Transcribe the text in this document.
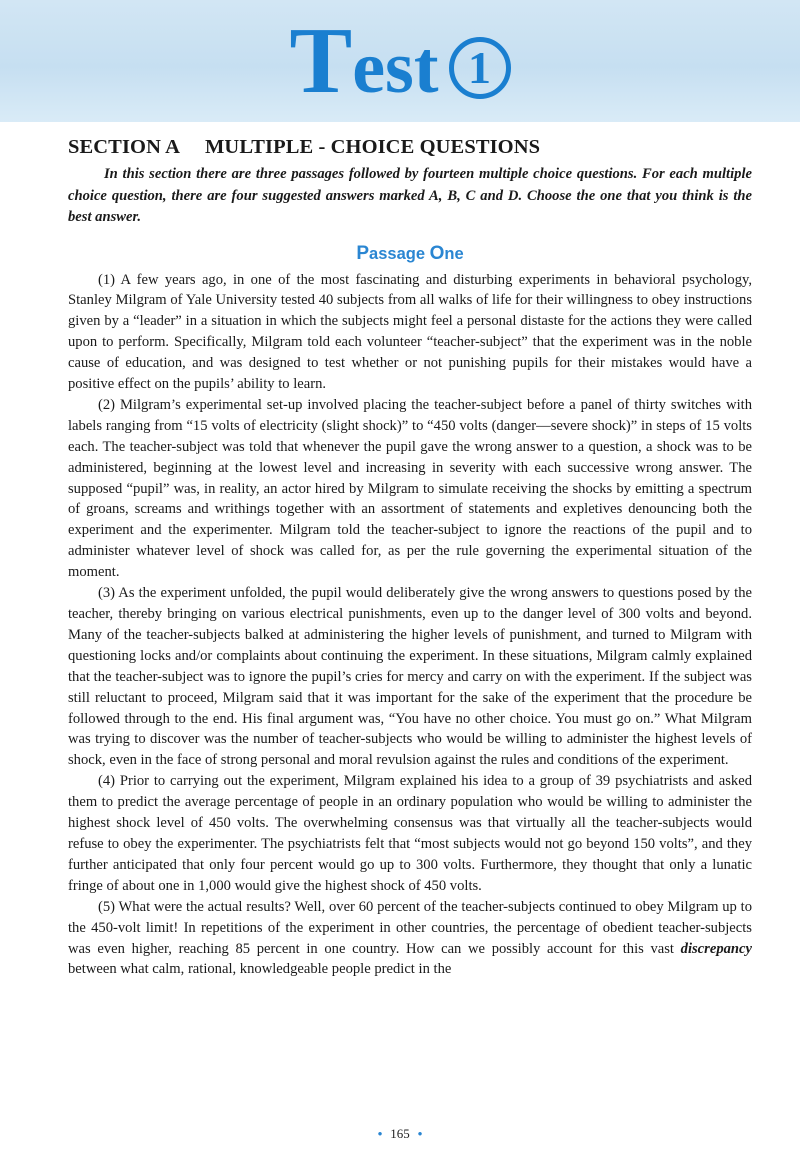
Test 1
SECTION A     MULTIPLE - CHOICE QUESTIONS

In this section there are three passages followed by fourteen multiple choice questions. For each multiple choice question, there are four suggested answers marked A, B, C and D. Choose the one that you think is the best answer.

Passage One

(1) A few years ago, in one of the most fascinating and disturbing experiments in behavioral psychology, Stanley Milgram of Yale University tested 40 subjects from all walks of life for their willingness to obey instructions given by a “leader” in a situation in which the subjects might feel a personal distaste for the actions they were called upon to perform. Specifically, Milgram told each volunteer “teacher-subject” that the experiment was in the noble cause of education, and was designed to test whether or not punishing pupils for their mistakes would have a positive effect on the pupils’ ability to learn.

(2) Milgram’s experimental set-up involved placing the teacher-subject before a panel of thirty switches with labels ranging from “15 volts of electricity (slight shock)” to “450 volts (danger—severe shock)” in steps of 15 volts each. The teacher-subject was told that whenever the pupil gave the wrong answer to a question, a shock was to be administered, beginning at the lowest level and increasing in severity with each successive wrong answer. The supposed “pupil” was, in reality, an actor hired by Milgram to simulate receiving the shocks by emitting a spectrum of groans, screams and writhings together with an assortment of statements and expletives denouncing both the experiment and the experimenter. Milgram told the teacher-subject to ignore the reactions of the pupil and to administer whatever level of shock was called for, as per the rule governing the experimental situation of the moment.

(3) As the experiment unfolded, the pupil would deliberately give the wrong answers to questions posed by the teacher, thereby bringing on various electrical punishments, even up to the danger level of 300 volts and beyond. Many of the teacher-subjects balked at administering the higher levels of punishment, and turned to Milgram with questioning locks and/or complaints about continuing the experiment. In these situations, Milgram calmly explained that the teacher-subject was to ignore the pupil’s cries for mercy and carry on with the experiment. If the subject was still reluctant to proceed, Milgram said that it was important for the sake of the experiment that the procedure be followed through to the end. His final argument was, “You have no other choice. You must go on.” What Milgram was trying to discover was the number of teacher-subjects who would be willing to administer the highest levels of shock, even in the face of strong personal and moral revulsion against the rules and conditions of the experiment.

(4) Prior to carrying out the experiment, Milgram explained his idea to a group of 39 psychiatrists and asked them to predict the average percentage of people in an ordinary population who would be willing to administer the highest shock level of 450 volts. The overwhelming consensus was that virtually all the teacher-subjects would refuse to obey the experimenter. The psychiatrists felt that “most subjects would not go beyond 150 volts”, and they further anticipated that only four percent would go up to 300 volts. Furthermore, they thought that only a lunatic fringe of about one in 1,000 would give the highest shock of 450 volts.

(5) What were the actual results? Well, over 60 percent of the teacher-subjects continued to obey Milgram up to the 450-volt limit! In repetitions of the experiment in other countries, the percentage of obedient teacher-subjects was even higher, reaching 85 percent in one country. How can we possibly account for this vast discrepancy between what calm, rational, knowledgeable people predict in the

• 165 •
